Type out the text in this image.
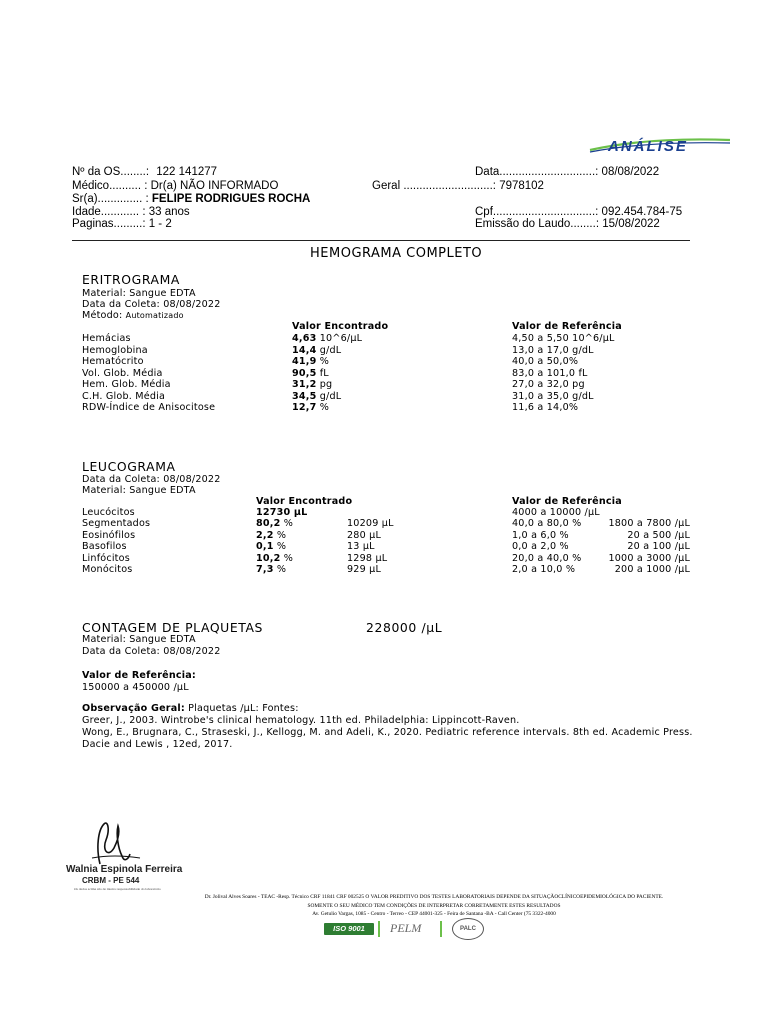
ANÁLISE
Nº da OS........: 122 141277
Médico.......... : Dr(a) NÃO INFORMADO
Sr(a).............. : FELIPE RODRIGUES ROCHA
Idade............ : 33 anos
Paginas.........: 1 - 2
Data..............................: 08/08/2022
Geral ............................: 7978102
Cpf................................: 092.454.784-75
Emissão do Laudo........: 15/08/2022
HEMOGRAMA COMPLETO
ERITROGRAMA
Material: Sangue EDTA
Data da Coleta: 08/08/2022
Método: Automatizado
Valor Encontrado	Valor de Referência
Hemácias	4,63 10^6/µL	4,50 a 5,50 10^6/µL
Hemoglobina	14,4 g/dL	13,0 a 17,0 g/dL
Hematócrito	41,9 %	40,0 a 50,0%
Vol. Glob. Média	90,5 fL	83,0 a 101,0 fL
Hem. Glob. Média	31,2 pg	27,0 a 32,0 pg
C.H. Glob. Média	34,5 g/dL	31,0 a 35,0 g/dL
RDW-Índice de Anisocitose	12,7 %	11,6 a 14,0%
LEUCOGRAMA
Data da Coleta: 08/08/2022
Material: Sangue EDTA
Valor Encontrado	Valor de Referência
Leucócitos	12730 µL	4000 a 10000 /µL
Segmentados	80,2 %	10209 µL	40,0 a 80,0 %	1800 a 7800 /µL
Eosinófilos	2,2 %	280 µL	1,0 a 6,0 %	20 a 500 /µL
Basofilos	0,1 %	13 µL	0,0 a 2,0 %	20 a 100 /µL
Linfócitos	10,2 %	1298 µL	20,0 a 40,0 %	1000 a 3000 /µL
Monócitos	7,3 %	929 µL	2,0 a 10,0 %	200 a 1000 /µL
CONTAGEM DE PLAQUETAS	228000 /µL
Material: Sangue EDTA
Data da Coleta: 08/08/2022
Valor de Referência:
150000 a 450000 /µL
Observação Geral: Plaquetas /µL: Fontes:
Greer, J., 2003. Wintrobe's clinical hematology. 11th ed. Philadelphia: Lippincott-Raven.
Wong, E., Brugnara, C., Straseski, J., Kellogg, M. and Adeli, K., 2020. Pediatric reference intervals. 8th ed. Academic Press.
Dacie and Lewis , 12ed, 2017.
Walnia Espinola Ferreira
CRBM - PE 544
Os dados acima são de inteira responsabilidade do laboratório
Dr. Jolival Alves Soares - TEAC -Resp. Técnico CRF 11841 CRF 002525 O VALOR PREDITIVO DOS TESTES LABORATORIAIS DEPENDE DA SITUAÇÃOCLÍNICOEPIDEMIOLÓGICA DO PACIENTE.
SOMENTE O SEU MÉDICO TEM CONDIÇÕES DE INTERPRETAR CORRETAMENTE ESTES RESULTADOS
Av. Getulio Vargas, 1085 - Centro - Terreo - CEP 44001-325 - Feira de Santana -BA - Call Center (75 3322-4000
ISO 9001	PELM	PALC
